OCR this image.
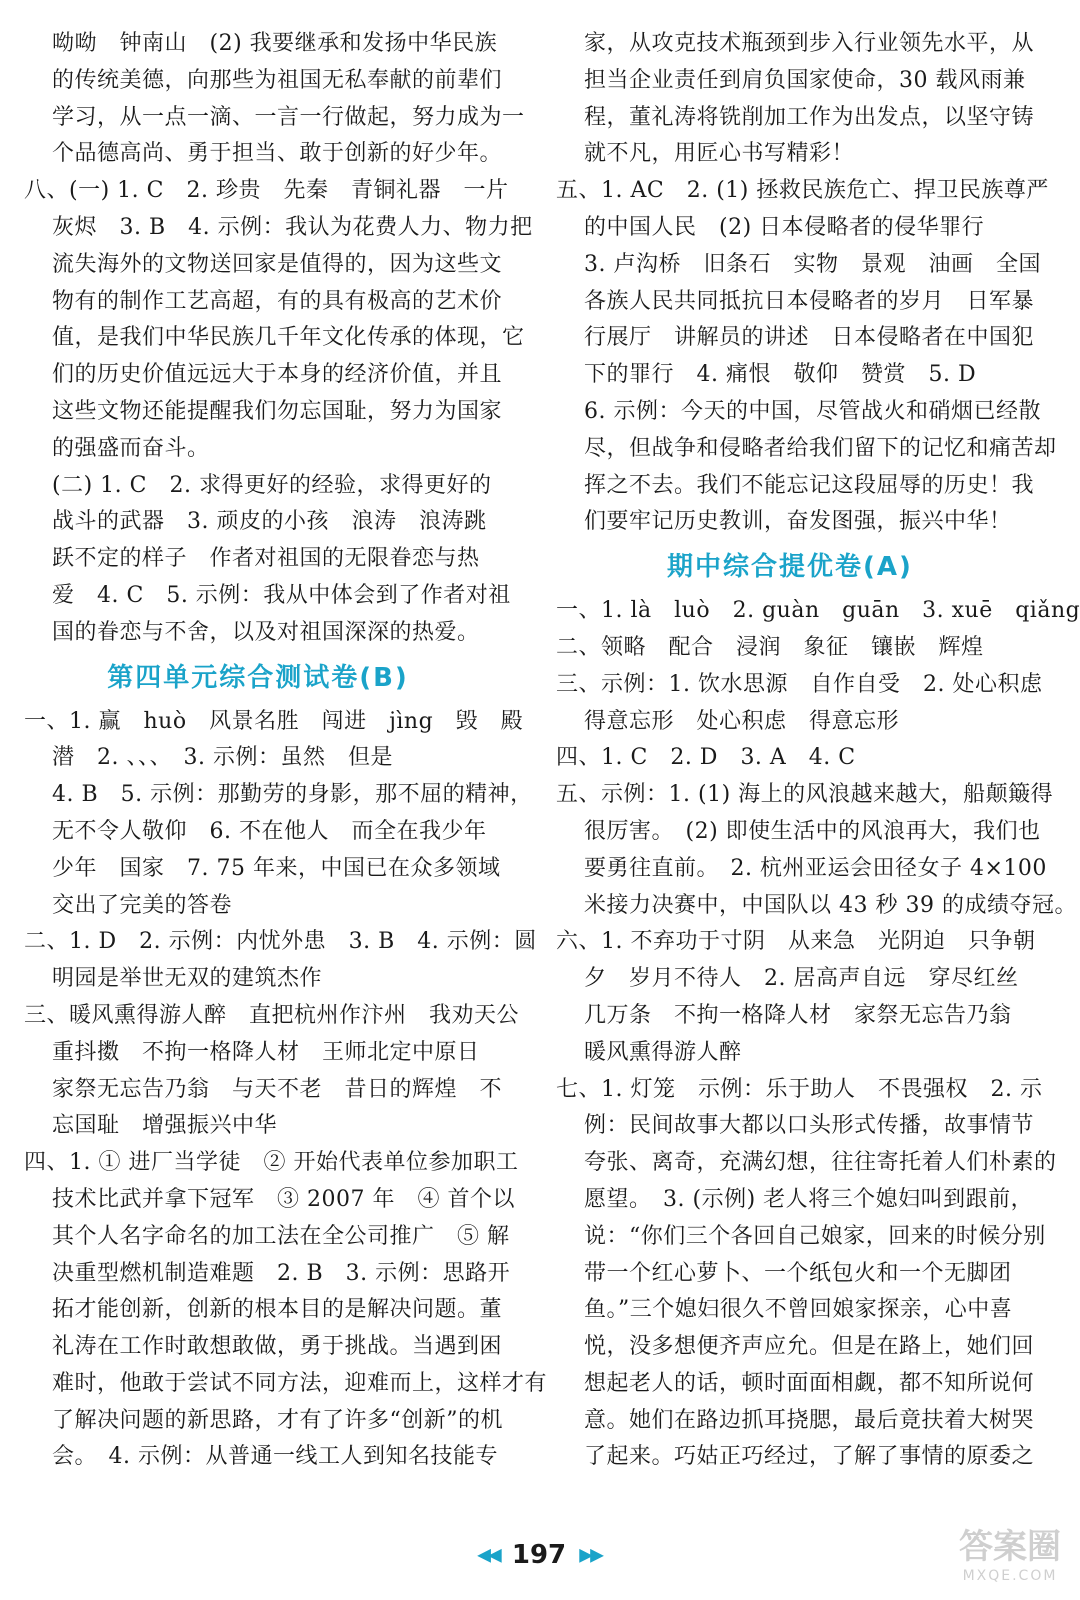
呦呦　钟南山　(2) 我要继承和发扬中华民族
的传统美德，向那些为祖国无私奉献的前辈们
学习，从一点一滴、一言一行做起，努力成为一
个品德高尚、勇于担当、敢于创新的好少年。
八、(一) 1. C　2. 珍贵　先秦　青铜礼器　一片
灰烬　3. B　4. 示例：我认为花费人力、物力把
流失海外的文物送回家是值得的，因为这些文
物有的制作工艺高超，有的具有极高的艺术价
值，是我们中华民族几千年文化传承的体现，它
们的历史价值远远大于本身的经济价值，并且
这些文物还能提醒我们勿忘国耻，努力为国家
的强盛而奋斗。
(二) 1. C　2. 求得更好的经验，求得更好的
战斗的武器　3. 顽皮的小孩　浪涛　浪涛跳
跃不定的样子　作者对祖国的无限眷恋与热
爱　4. C　5. 示例：我从中体会到了作者对祖
国的眷恋与不舍，以及对祖国深深的热爱。
第四单元综合测试卷(B)
一、1. 赢　huò　风景名胜　闯进　jìng　毁　殿
潜　2. 、、、　3. 示例：虽然　但是
4. B　5. 示例：那勤劳的身影，那不屈的精神，
无不令人敬仰　6. 不在他人　而全在我少年
少年　国家　7. 75 年来，中国已在众多领域
交出了完美的答卷
二、1. D　2. 示例：内忧外患　3. B　4. 示例：圆
明园是举世无双的建筑杰作
三、暖风熏得游人醉　直把杭州作汴州　我劝天公
重抖擞　不拘一格降人材　王师北定中原日
家祭无忘告乃翁　与天不老　昔日的辉煌　不
忘国耻　增强振兴中华
四、1. ① 进厂当学徒　② 开始代表单位参加职工
技术比武并拿下冠军　③ 2007 年　④ 首个以
其个人名字命名的加工法在全公司推广　⑤ 解
决重型燃机制造难题　2. B　3. 示例：思路开
拓才能创新，创新的根本目的是解决问题。董
礼涛在工作时敢想敢做，勇于挑战。当遇到困
难时，他敢于尝试不同方法，迎难而上，这样才有
了解决问题的新思路，才有了许多“创新”的机
会。　4. 示例：从普通一线工人到知名技能专
家，从攻克技术瓶颈到步入行业领先水平，从
担当企业责任到肩负国家使命，30 载风雨兼
程，董礼涛将铣削加工作为出发点，以坚守铸
就不凡，用匠心书写精彩！
五、1. AC　2. (1) 拯救民族危亡、捍卫民族尊严
的中国人民　(2) 日本侵略者的侵华罪行
3. 卢沟桥　旧条石　实物　景观　油画　全国
各族人民共同抵抗日本侵略者的岁月　日军暴
行展厅　讲解员的讲述　日本侵略者在中国犯
下的罪行　4. 痛恨　敬仰　赞赏　5. D
6. 示例：今天的中国，尽管战火和硝烟已经散
尽，但战争和侵略者给我们留下的记忆和痛苦却
挥之不去。我们不能忘记这段屈辱的历史！我
们要牢记历史教训，奋发图强，振兴中华！
期中综合提优卷(A)
一、1. là　luò　2. guàn　guān　3. xuē　qiǎng
二、领略　配合　浸润　象征　镶嵌　辉煌
三、示例：1. 饮水思源　自作自受　2. 处心积虑
得意忘形　处心积虑　得意忘形
四、1. C　2. D　3. A　4. C
五、示例：1. (1) 海上的风浪越来越大，船颠簸得
很厉害。　(2) 即使生活中的风浪再大，我们也
要勇往直前。　2. 杭州亚运会田径女子 4×100
米接力决赛中，中国队以 43 秒 39 的成绩夺冠。
六、1. 不弃功于寸阴　从来急　光阴迫　只争朝
夕　岁月不待人　2. 居高声自远　穿尽红丝
几万条　不拘一格降人材　家祭无忘告乃翁
暖风熏得游人醉
七、1. 灯笼　示例：乐于助人　不畏强权　2. 示
例：民间故事大都以口头形式传播，故事情节
夸张、离奇，充满幻想，往往寄托着人们朴素的
愿望。　3. (示例) 老人将三个媳妇叫到跟前，
说：“你们三个各回自己娘家，回来的时候分别
带一个红心萝卜、一个纸包火和一个无脚团
鱼。”三个媳妇很久不曾回娘家探亲，心中喜
悦，没多想便齐声应允。但是在路上，她们回
想起老人的话，顿时面面相觑，都不知所说何
意。她们在路边抓耳挠腮，最后竟扶着大树哭
了起来。巧姑正巧经过，了解了事情的原委之
◀◀ 197 ▶▶	答案圈
MXQE.COM
